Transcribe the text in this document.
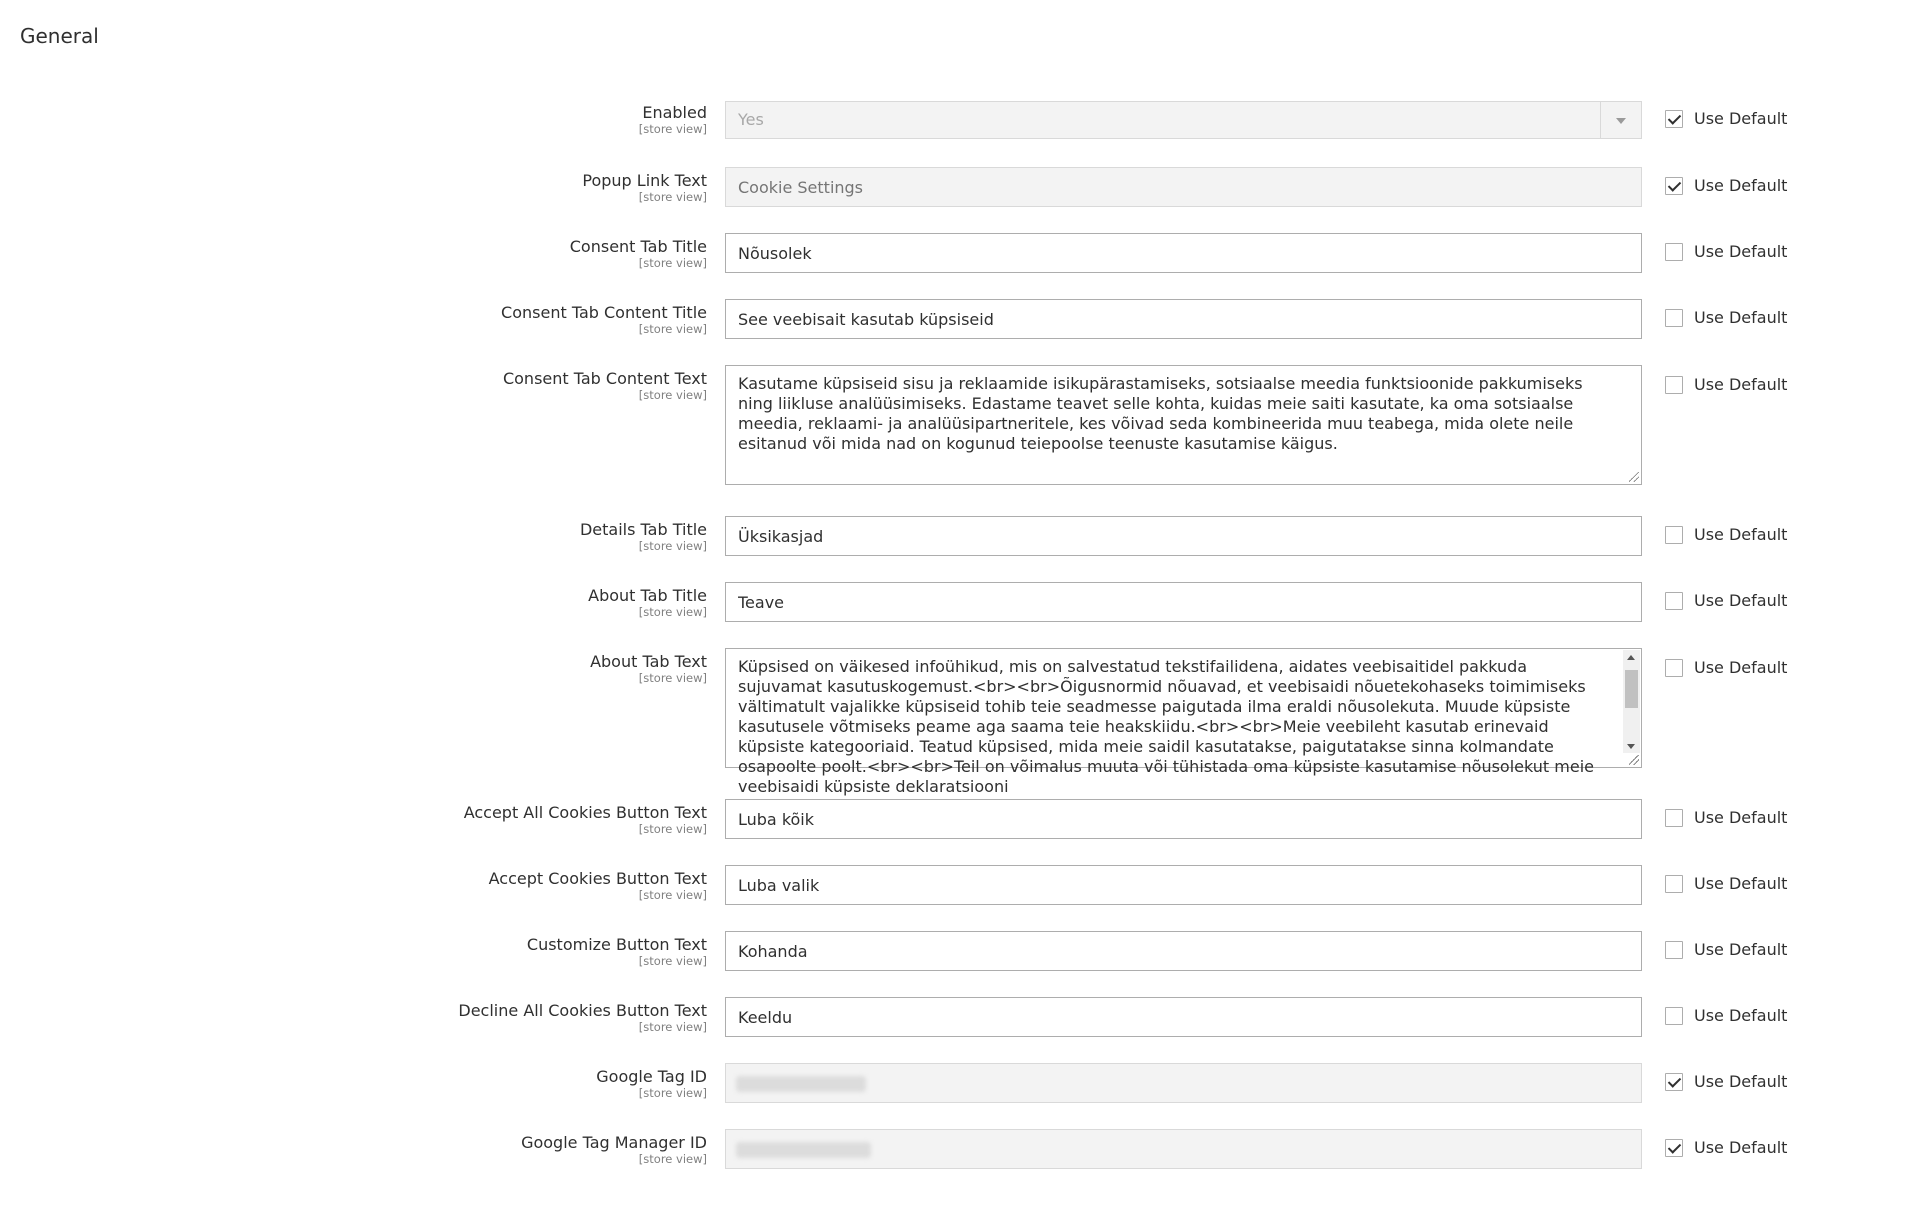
General
Enabled
[store view] Yes	Use Default
Popup Link Text
[store view]
Cookie Settings
Use Default
Consent Tab Title
[store view]
Nõusolek
Use Default
Consent Tab Content Title
[store view]
See veebisait kasutab küpsiseid
Use Default
Consent Tab Content Text
[store view]
Kasutame küpsiseid sisu ja reklaamide isikupärastamiseks, sotsiaalse meedia funktsioonide pakkumiseks ning liikluse analüüsimiseks. Edastame teavet selle kohta, kuidas meie saiti kasutate, ka oma sotsiaalse meedia, reklaami- ja analüüsipartneritele, kes võivad seda kombineerida muu teabega, mida olete neile esitanud või mida nad on kogunud teiepoolse teenuste kasutamise käigus.
Use Default
Details Tab Title
[store view]
Üksikasjad
Use Default
About Tab Title
[store view]
Teave
Use Default
About Tab Text
[store view]
Küpsised on väikesed infoühikud, mis on salvestatud tekstifailidena, aidates veebisaitidel pakkuda sujuvamat kasutuskogemust.<br><br>Õigusnormid nõuavad, et veebisaidi nõuetekohaseks toimimiseks vältimatult vajalikke küpsiseid tohib teie seadmesse paigutada ilma eraldi nõusolekuta. Muude küpsiste kasutusele võtmiseks peame aga saama teie heakskiidu.<br><br>Meie veebileht kasutab erinevaid küpsiste kategooriaid. Teatud küpsised, mida meie saidil kasutatakse, paigutatakse sinna kolmandate osapoolte poolt.<br><br>Teil on võimalus muuta või tühistada oma küpsiste kasutamise nõusolekut meie veebisaidi küpsiste deklaratsiooni
Use Default
Accept All Cookies Button Text
[store view]
Luba kõik
Use Default
Accept Cookies Button Text
[store view]
Luba valik
Use Default
Customize Button Text
[store view]
Kohanda
Use Default
Decline All Cookies Button Text
[store view]
Keeldu
Use Default
Google Tag ID
[store view]
Use Default
Google Tag Manager ID
[store view]
Use Default
